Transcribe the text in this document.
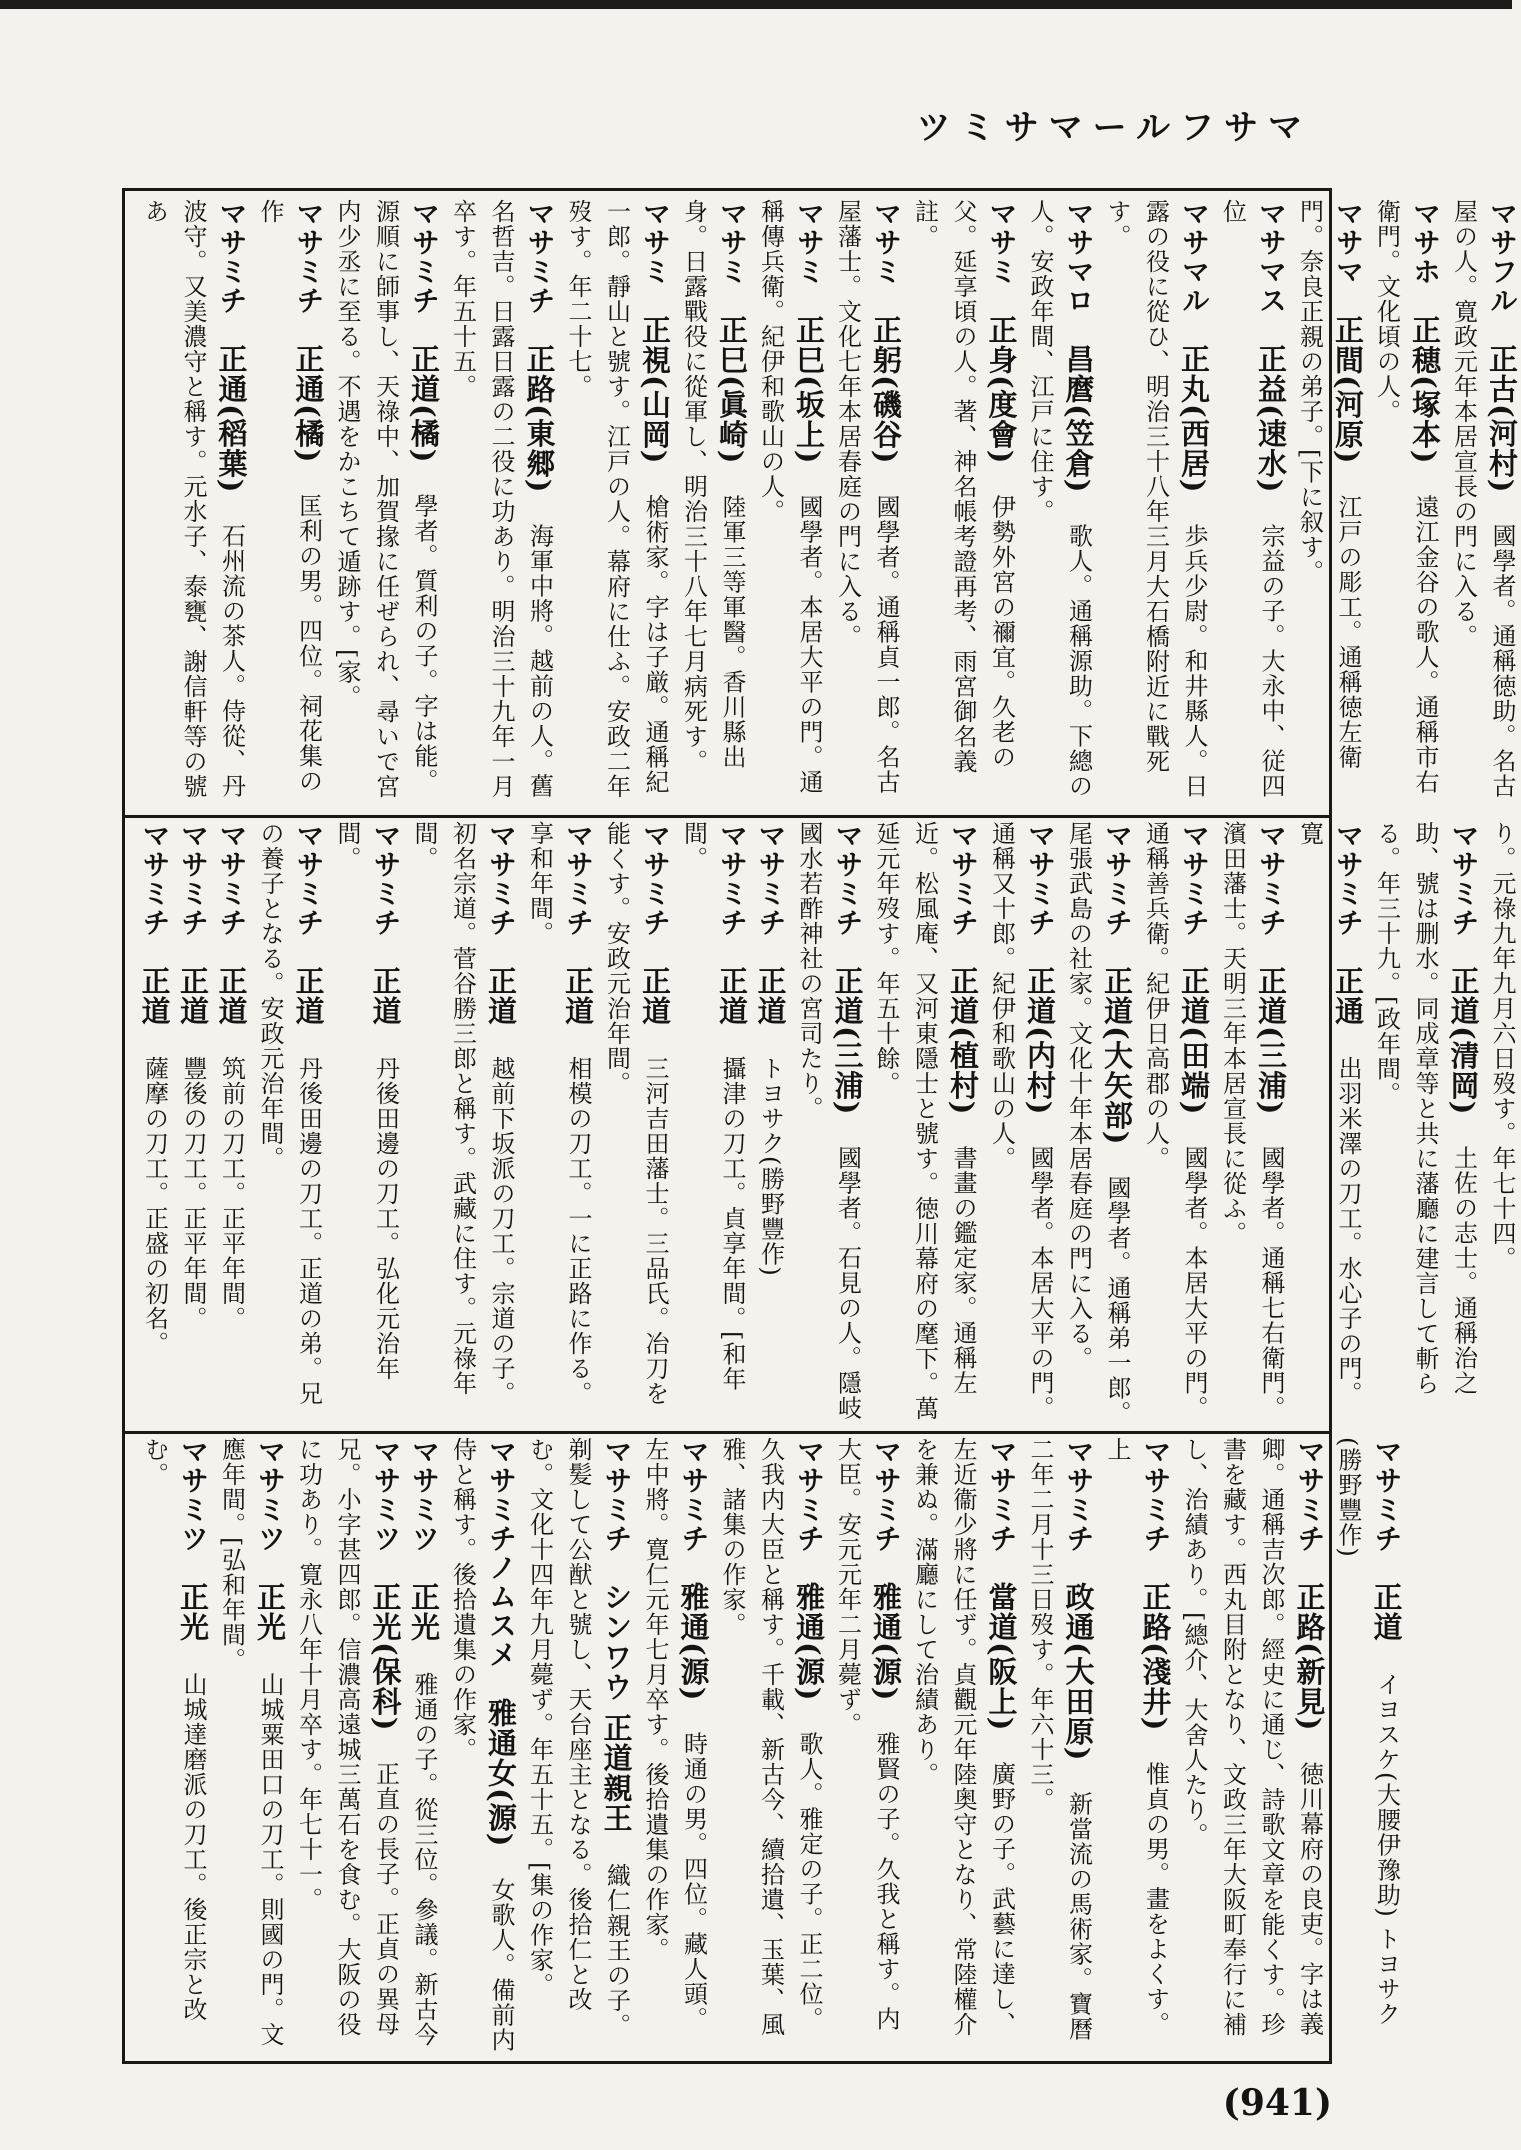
ツミサマールフサマ
マサフル　正古(河村)　國學者。通稱徳助。名古屋の人。寛政元年本居宣長の門に入る。マサホ　正穂(塚本)　遠江金谷の歌人。通稱市右衛門。文化頃の人。マサマ　正間(河原)　江戸の彫工。通稱徳左衛門。奈良正親の弟子。[下に叙す。マサマス　正益(速水)　宗益の子。大永中、従四位マサマル　正丸(西居)　歩兵少尉。和井縣人。日露の役に從ひ、明治三十八年三月大石橋附近に戰死す。マサマロ　昌麿(笠倉)　歌人。通稱源助。下總の人。安政年間、江戸に住す。マサミ　正身(度會)　伊勢外宮の禰宜。久老の父。延享頃の人。著、神名帳考證再考、雨宮御名義註。マサミ　正躬(磯谷)　國學者。通稱貞一郎。名古屋藩士。文化七年本居春庭の門に入る。マサミ　正巳(坂上)　國學者。本居大平の門。通稱傳兵衛。紀伊和歌山の人。マサミ　正巳(眞崎)　陸軍三等軍醫。香川縣出身。日露戰役に從軍し、明治三十八年七月病死す。マサミ　正視(山岡)　槍術家。字は子厳。通稱紀一郎。靜山と號す。江戸の人。幕府に仕ふ。安政二年歿す。年二十七。マサミチ　正路(東郷)　海軍中將。越前の人。舊名哲吉。日露日露の二役に功あり。明治三十九年一月卒す。年五十五。マサミチ　正道(橘)　學者。質利の子。字は能。源順に師事し、天祿中、加賀掾に任ぜられ、尋いで宮内少丞に至る。不遇をかこちて遁跡す。[家。マサミチ　正通(橘)　匡利の男。四位。祠花集の作マサミチ　正通(稻葉)　石州流の茶人。侍從、丹波守。又美濃守と稱す。元水子、泰甕、謝信軒等の號あ
り。元祿九年九月六日歿す。年七十四。マサミチ　正道(清岡)　土佐の志士。通稱治之助、號は删水。同成章等と共に藩廳に建言して斬らる。年三十九。[政年間。マサミチ　正通　出羽米澤の刀工。水心子の門。寛マサミチ　正道(三浦)　國學者。通稱七右衛門。濱田藩士。天明三年本居宣長に從ふ。マサミチ　正道(田端)　國學者。本居大平の門。通稱善兵衛。紀伊日高郡の人。マサミチ　正道(大矢部)　國學者。通稱弟一郎。尾張武島の社家。文化十年本居春庭の門に入る。マサミチ　正道(内村)　國學者。本居大平の門。通稱又十郎。紀伊和歌山の人。マサミチ　正道(植村)　書畫の鑑定家。通稱左近。松風庵、又河東隱士と號す。徳川幕府の麾下。萬延元年歿す。年五十餘。マサミチ　正道(三浦)　國學者。石見の人。隱岐國水若酢神社の宮司たり。マサミチ　正道　トヨサク(勝野豐作)マサミチ　正道　攝津の刀工。貞享年間。[和年間。マサミチ　正道　三河吉田藩士。三品氏。冶刀を能くす。安政元治年間。マサミチ　正道　相模の刀工。一に正路に作る。享和年間。マサミチ　正道　越前下坂派の刀工。宗道の子。初名宗道。菅谷勝三郎と稱す。武藏に住す。元祿年間。マサミチ　正道　丹後田邊の刀工。弘化元治年間。マサミチ　正道　丹後田邊の刀工。正道の弟。兄の養子となる。安政元治年間。マサミチ　正道　筑前の刀工。正平年間。マサミチ　正道　豐後の刀工。正平年間。マサミチ　正道　薩摩の刀工。正盛の初名。
マサミチ　正道　イヨスケ(大腰伊豫助) トヨサク(勝野豐作)マサミチ　正路(新見)　徳川幕府の良吏。字は義卿。通稱吉次郎。經史に通じ、詩歌文章を能くす。珍書を藏す。西丸目附となり、文政三年大阪町奉行に補し、治績あり。[總介、大舍人たり。マサミチ　正路(淺井)　惟貞の男。畫をよくす。上マサミチ　政通(大田原)　新當流の馬術家。寶曆二年二月十三日歿す。年六十三。マサミチ　當道(阪上)　廣野の子。武藝に達し、左近衞少將に任ず。貞觀元年陸奥守となり、常陸權介を兼ぬ。滿廳にして治績あり。マサミチ　雅通(源)　雅賢の子。久我と稱す。内大臣。安元元年二月薨ず。マサミチ　雅通(源)　歌人。雅定の子。正二位。久我内大臣と稱す。千載、新古今、續拾遺、玉葉、風雅、諸集の作家。マサミチ　雅通(源)　時通の男。四位。藏人頭。左中將。寛仁元年七月卒す。後拾遺集の作家。マサミチ　シンワウ 正道親王　織仁親王の子。剃髪して公猷と號し、天台座主となる。後拾仁と改む。文化十四年九月薨ず。年五十五。[集の作家。マサミチノムスメ　雅通女(源)　女歌人。備前内侍と稱す。後拾遺集の作家。マサミツ　正光　雅通の子。從三位。參議。新古今マサミツ　正光(保科)　正直の長子。正貞の異母兄。小字甚四郎。信濃高遠城三萬石を食む。大阪の役に功あり。寛永八年十月卒す。年七十一。マサミツ　正光　山城粟田口の刀工。則國の門。文應年間。[弘和年間。マサミツ　正光　山城達磨派の刀工。後正宗と改む。
(941)
